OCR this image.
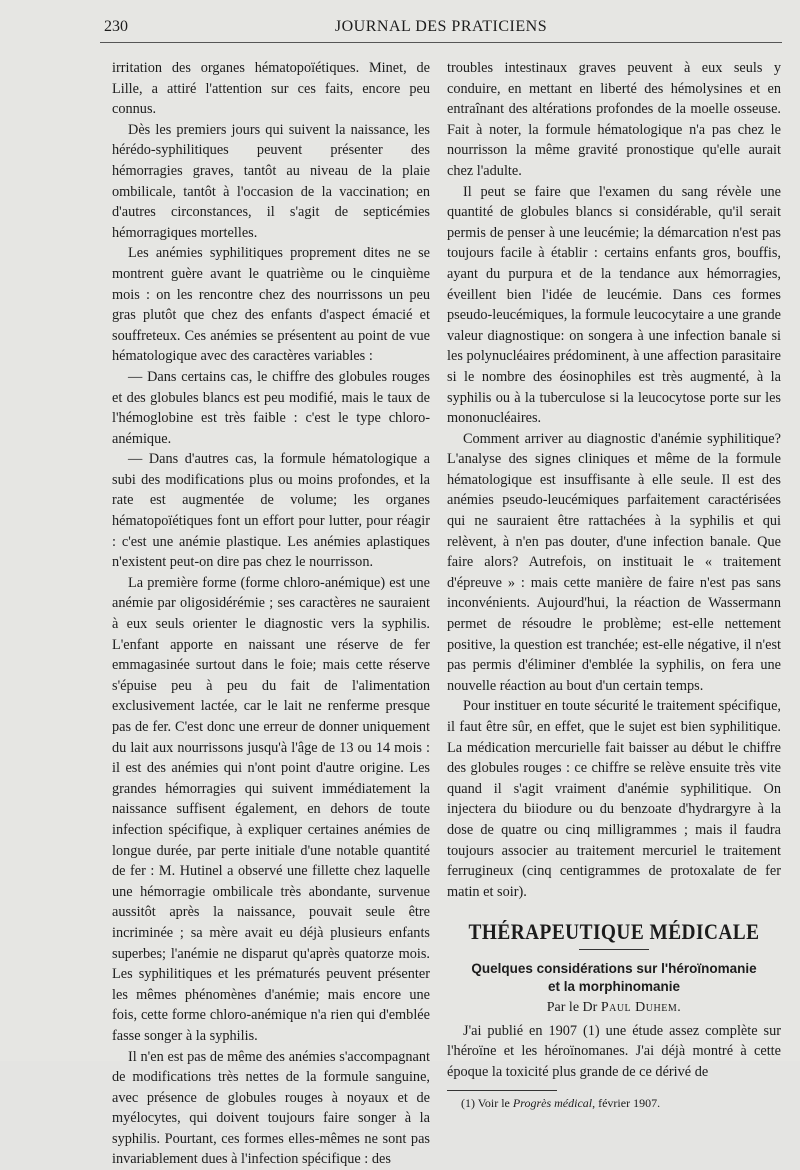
230	JOURNAL DES PRATICIENS

irritation des organes hématopoïétiques. Minet, de Lille, a attiré l'attention sur ces faits, encore peu connus.

Dès les premiers jours qui suivent la naissance, les hérédo-syphilitiques peuvent présenter des hémorragies graves, tantôt au niveau de la plaie ombilicale, tantôt à l'occasion de la vaccination; en d'autres circonstances, il s'agit de septicémies hémorragiques mortelles.

Les anémies syphilitiques proprement dites ne se montrent guère avant le quatrième ou le cinquième mois : on les rencontre chez des nourrissons un peu gras plutôt que chez des enfants d'aspect émacié et souffreteux. Ces anémies se présentent au point de vue hématologique avec des caractères variables :

— Dans certains cas, le chiffre des globules rouges et des globules blancs est peu modifié, mais le taux de l'hémoglobine est très faible : c'est le type chloro-anémique.

— Dans d'autres cas, la formule hématologique a subi des modifications plus ou moins profondes, et la rate est augmentée de volume; les organes hématopoïétiques font un effort pour lutter, pour réagir : c'est une anémie plastique. Les anémies aplastiques n'existent peut-on dire pas chez le nourrisson.

La première forme (forme chloro-anémique) est une anémie par oligosidérémie ; ses caractères ne sauraient à eux seuls orienter le diagnostic vers la syphilis. L'enfant apporte en naissant une réserve de fer emmagasinée surtout dans le foie; mais cette réserve s'épuise peu à peu du fait de l'alimentation exclusivement lactée, car le lait ne renferme presque pas de fer. C'est donc une erreur de donner uniquement du lait aux nourrissons jusqu'à l'âge de 13 ou 14 mois : il est des anémies qui n'ont point d'autre origine. Les grandes hémorragies qui suivent immédiatement la naissance suffisent également, en dehors de toute infection spécifique, à expliquer certaines anémies de longue durée, par perte initiale d'une notable quantité de fer : M. Hutinel a observé une fillette chez laquelle une hémorragie ombilicale très abondante, survenue aussitôt après la naissance, pouvait seule être incriminée ; sa mère avait eu déjà plusieurs enfants superbes; l'anémie ne disparut qu'après quatorze mois. Les syphilitiques et les prématurés peuvent présenter les mêmes phénomènes d'anémie; mais encore une fois, cette forme chloro-anémique n'a rien qui d'emblée fasse songer à la syphilis.

Il n'en est pas de même des anémies s'accompagnant de modifications très nettes de la formule sanguine, avec présence de globules rouges à noyaux et de myélocytes, qui doivent toujours faire songer à la syphilis. Pourtant, ces formes elles-mêmes ne sont pas invariablement dues à l'infection spécifique : des

troubles intestinaux graves peuvent à eux seuls y conduire, en mettant en liberté des hémolysines et en entraînant des altérations profondes de la moelle osseuse. Fait à noter, la formule hématologique n'a pas chez le nourrisson la même gravité pronostique qu'elle aurait chez l'adulte.

Il peut se faire que l'examen du sang révèle une quantité de globules blancs si considérable, qu'il serait permis de penser à une leucémie; la démarcation n'est pas toujours facile à établir : certains enfants gros, bouffis, ayant du purpura et de la tendance aux hémorragies, éveillent bien l'idée de leucémie. Dans ces formes pseudo-leucémiques, la formule leucocytaire a une grande valeur diagnostique: on songera à une infection banale si les polynucléaires prédominent, à une affection parasitaire si le nombre des éosinophiles est très augmenté, à la syphilis ou à la tuberculose si la leucocytose porte sur les mononucléaires.

Comment arriver au diagnostic d'anémie syphilitique? L'analyse des signes cliniques et même de la formule hématologique est insuffisante à elle seule. Il est des anémies pseudo-leucémiques parfaitement caractérisées qui ne sauraient être rattachées à la syphilis et qui relèvent, à n'en pas douter, d'une infection banale. Que faire alors? Autrefois, on instituait le « traitement d'épreuve » : mais cette manière de faire n'est pas sans inconvénients. Aujourd'hui, la réaction de Wassermann permet de résoudre le problème; est-elle nettement positive, la question est tranchée; est-elle négative, il n'est pas permis d'éliminer d'emblée la syphilis, on fera une nouvelle réaction au bout d'un certain temps.

Pour instituer en toute sécurité le traitement spécifique, il faut être sûr, en effet, que le sujet est bien syphilitique. La médication mercurielle fait baisser au début le chiffre des globules rouges : ce chiffre se relève ensuite très vite quand il s'agit vraiment d'anémie syphilitique. On injectera du biiodure ou du benzoate d'hydrargyre à la dose de quatre ou cinq milligrammes ; mais il faudra toujours associer au traitement mercuriel le traitement ferrugineux (cinq centigrammes de protoxalate de fer matin et soir).

THÉRAPEUTIQUE MÉDICALE
Quelques considérations sur l'héroïnomanie
et la morphinomanie
Par le Dr Paul Duhem.

J'ai publié en 1907 (1) une étude assez complète sur l'héroïne et les héroïnomanes. J'ai déjà montré à cette époque la toxicité plus grande de ce dérivé de

(1) Voir le Progrès médical, février 1907.
